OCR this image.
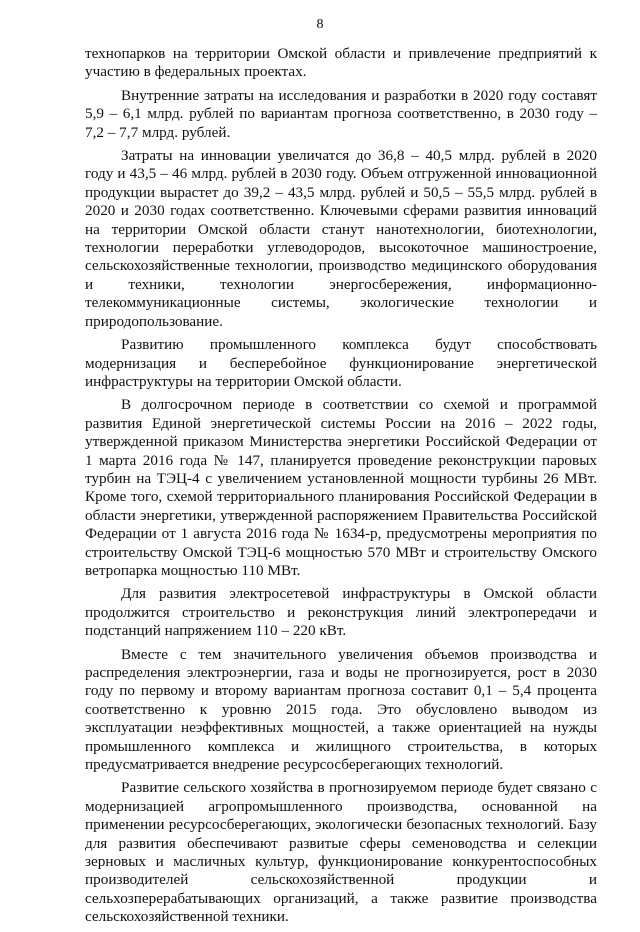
8

технопарков на территории Омской области и привлечение предприятий к участию в федеральных проектах.

Внутренние затраты на исследования и разработки в 2020 году составят 5,9 – 6,1 млрд. рублей по вариантам прогноза соответственно, в 2030 году – 7,2 – 7,7 млрд. рублей.

Затраты на инновации увеличатся до 36,8 – 40,5 млрд. рублей в 2020 году и 43,5 – 46 млрд. рублей в 2030 году. Объем отгруженной инновационной продукции вырастет до 39,2 – 43,5 млрд. рублей и 50,5 – 55,5 млрд. рублей в 2020 и 2030 годах соответственно. Ключевыми сферами развития инноваций на территории Омской области станут нанотехнологии, биотехнологии, технологии переработки углеводородов, высокоточное машиностроение, сельскохозяйственные технологии, производство медицинского оборудования и техники, технологии энергосбережения, информационно-телекоммуникационные системы, экологические технологии и природопользование.

Развитию промышленного комплекса будут способствовать модернизация и бесперебойное функционирование энергетической инфраструктуры на территории Омской области.

В долгосрочном периоде в соответствии со схемой и программой развития Единой энергетической системы России на 2016 – 2022 годы, утвержденной приказом Министерства энергетики Российской Федерации от 1 марта 2016 года № 147, планируется проведение реконструкции паровых турбин на ТЭЦ-4 с увеличением установленной мощности турбины 26 МВт. Кроме того, схемой территориального планирования Российской Федерации в области энергетики, утвержденной распоряжением Правительства Российской Федерации от 1 августа 2016 года № 1634-р, предусмотрены мероприятия по строительству Омской ТЭЦ-6 мощностью 570 МВт и строительству Омского ветропарка мощностью 110 МВт.

Для развития электросетевой инфраструктуры в Омской области продолжится строительство и реконструкция линий электропередачи и подстанций напряжением 110 – 220 кВт.

Вместе с тем значительного увеличения объемов производства и распределения электроэнергии, газа и воды не прогнозируется, рост в 2030 году по первому и второму вариантам прогноза составит 0,1 – 5,4 процента соответственно к уровню 2015 года. Это обусловлено выводом из эксплуатации неэффективных мощностей, а также ориентацией на нужды промышленного комплекса и жилищного строительства, в которых предусматривается внедрение ресурсосберегающих технологий.

Развитие сельского хозяйства в прогнозируемом периоде будет связано с модернизацией агропромышленного производства, основанной на применении ресурсосберегающих, экологически безопасных технологий. Базу для развития обеспечивают развитые сферы семеноводства и селекции зерновых и масличных культур, функционирование конкурентоспособных производителей сельскохозяйственной продукции и сельхозперерабатывающих организаций, а также развитие производства сельскохозяйственной техники.
